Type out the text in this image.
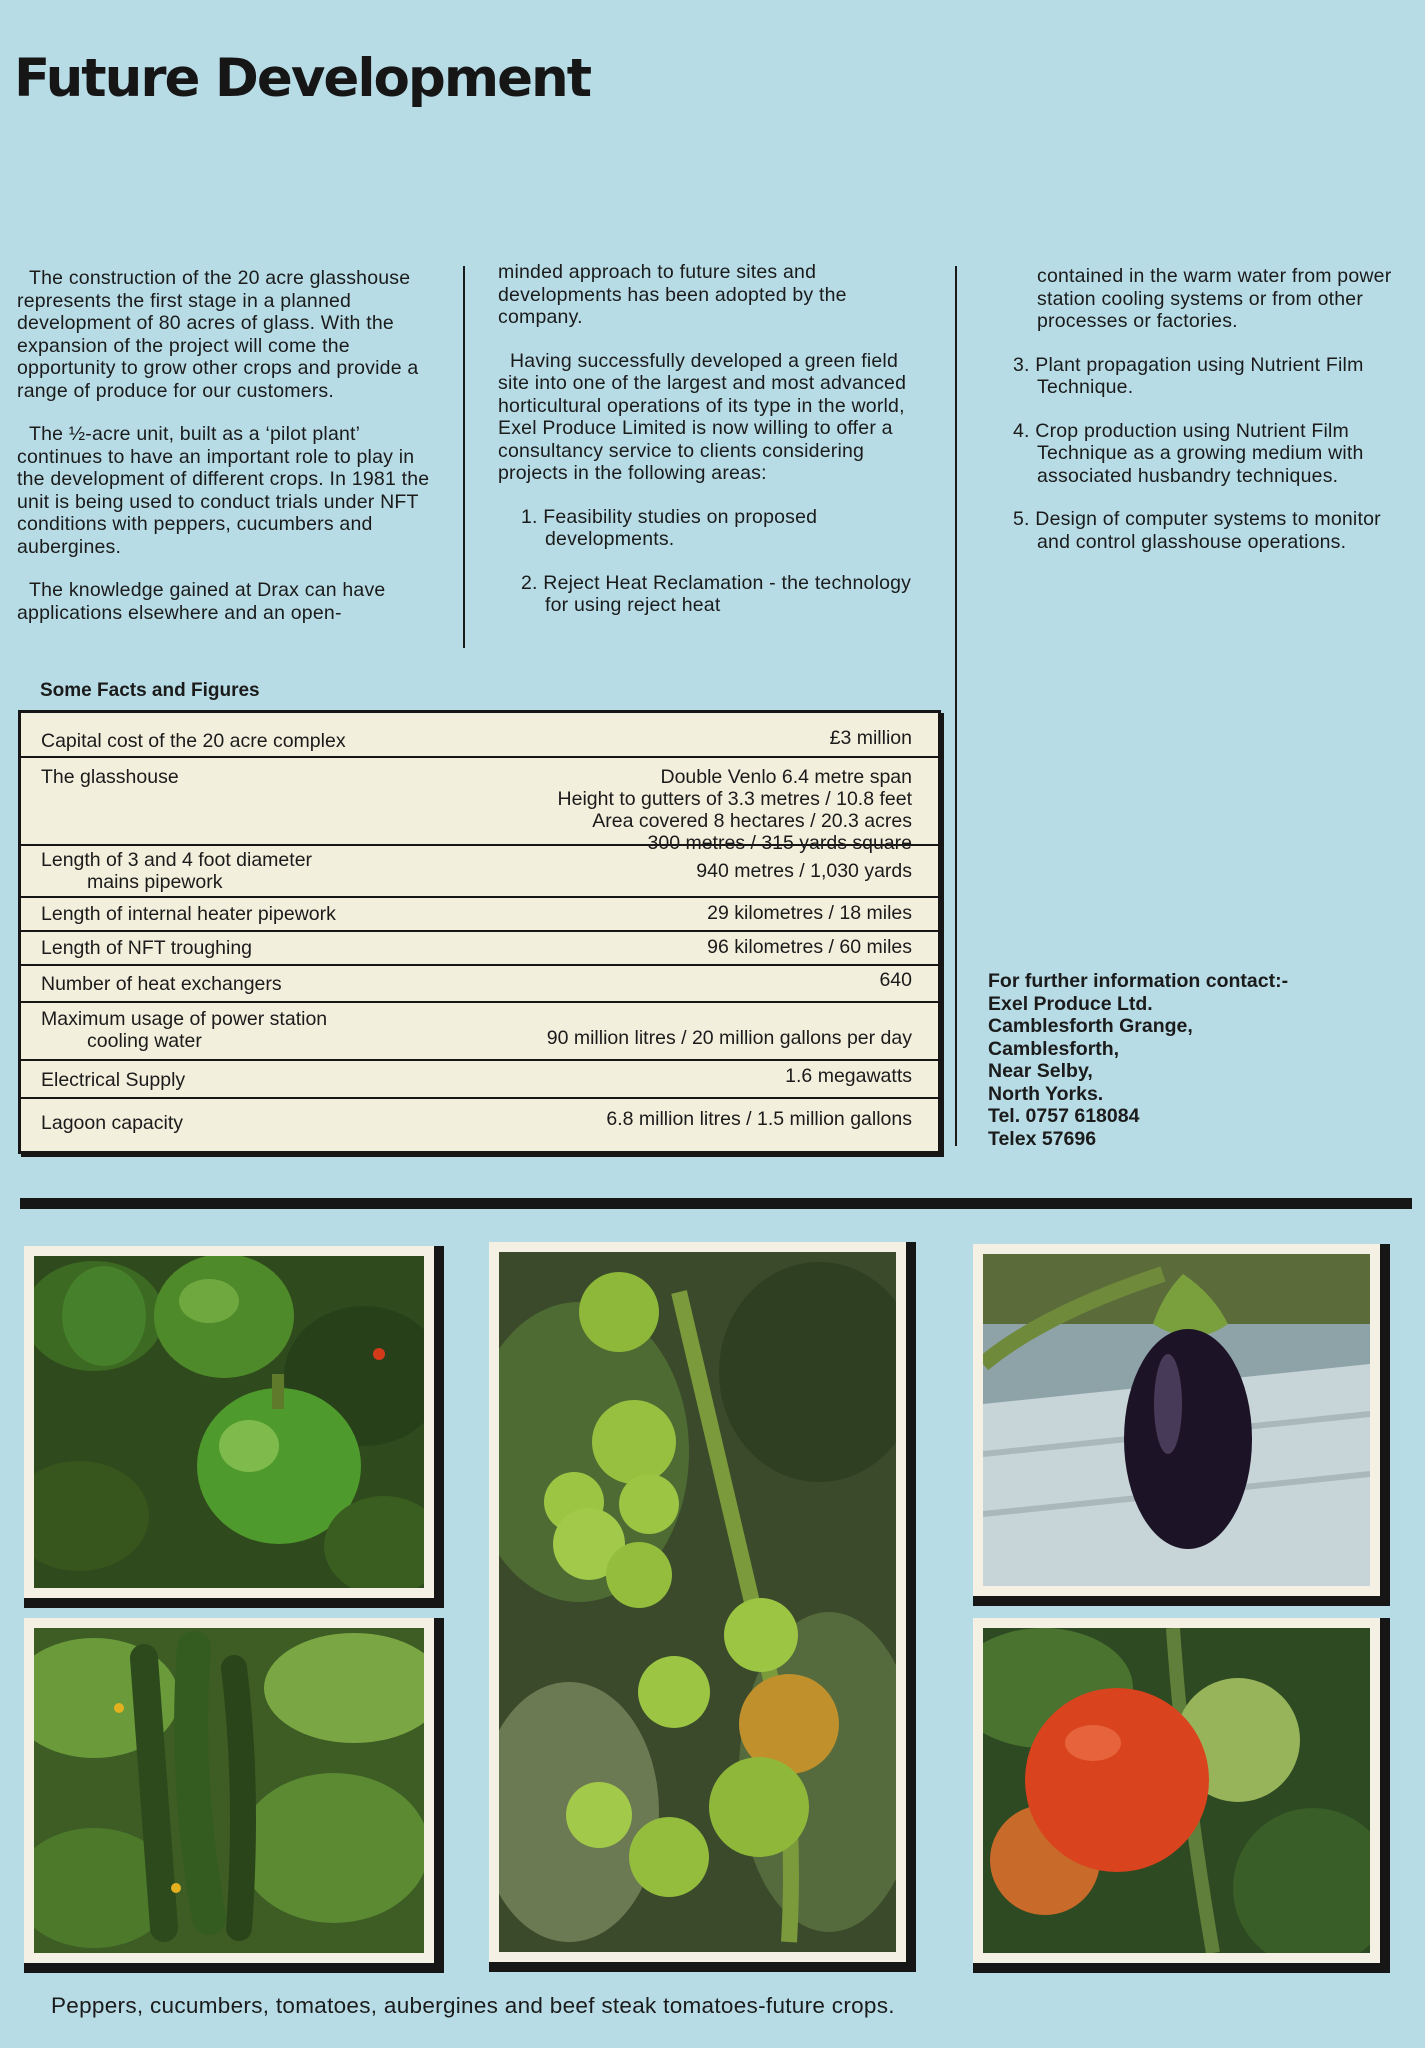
Future Development

The construction of the 20 acre glasshouse represents the first stage in a planned development of 80 acres of glass. With the expansion of the project will come the opportunity to grow other crops and provide a range of produce for our customers.

The ½-acre unit, built as a ‘pilot plant’ continues to have an important role to play in the development of different crops. In 1981 the unit is being used to conduct trials under NFT conditions with peppers, cucumbers and aubergines.

The knowledge gained at Drax can have applications elsewhere and an open-

minded approach to future sites and developments has been adopted by the company.

Having successfully developed a green field site into one of the largest and most advanced horticultural operations of its type in the world, Exel Produce Limited is now willing to offer a consultancy service to clients considering projects in the following areas:

1. Feasibility studies on proposed developments.

2. Reject Heat Reclamation - the technology for using reject heat

contained in the warm water from power station cooling systems or from other processes or factories.

3. Plant propagation using Nutrient Film Technique.

4. Crop production using Nutrient Film Technique as a growing medium with associated husbandry techniques.

5. Design of computer systems to monitor and control glasshouse operations.

Some Facts and Figures
Capital cost of the 20 acre complex	£3 million
The glasshouse	Double Venlo 6.4 metre span
Height to gutters of 3.3 metres / 10.8 feet
Area covered 8 hectares / 20.3 acres
300 metres / 315 yards square
Length of 3 and 4 foot diameter
mains pipework	940 metres / 1,030 yards
Length of internal heater pipework	29 kilometres / 18 miles
Length of NFT troughing	96 kilometres / 60 miles
Number of heat exchangers	640
Maximum usage of power station
cooling water	90 million litres / 20 million gallons per day
Electrical Supply	1.6 megawatts
Lagoon capacity	6.8 million litres / 1.5 million gallons
For further information contact:-
Exel Produce Ltd.
Camblesforth Grange,
Camblesforth,
Near Selby,
North Yorks.
Tel. 0757 618084
Telex 57696
Peppers, cucumbers, tomatoes, aubergines and beef steak tomatoes-future crops.
